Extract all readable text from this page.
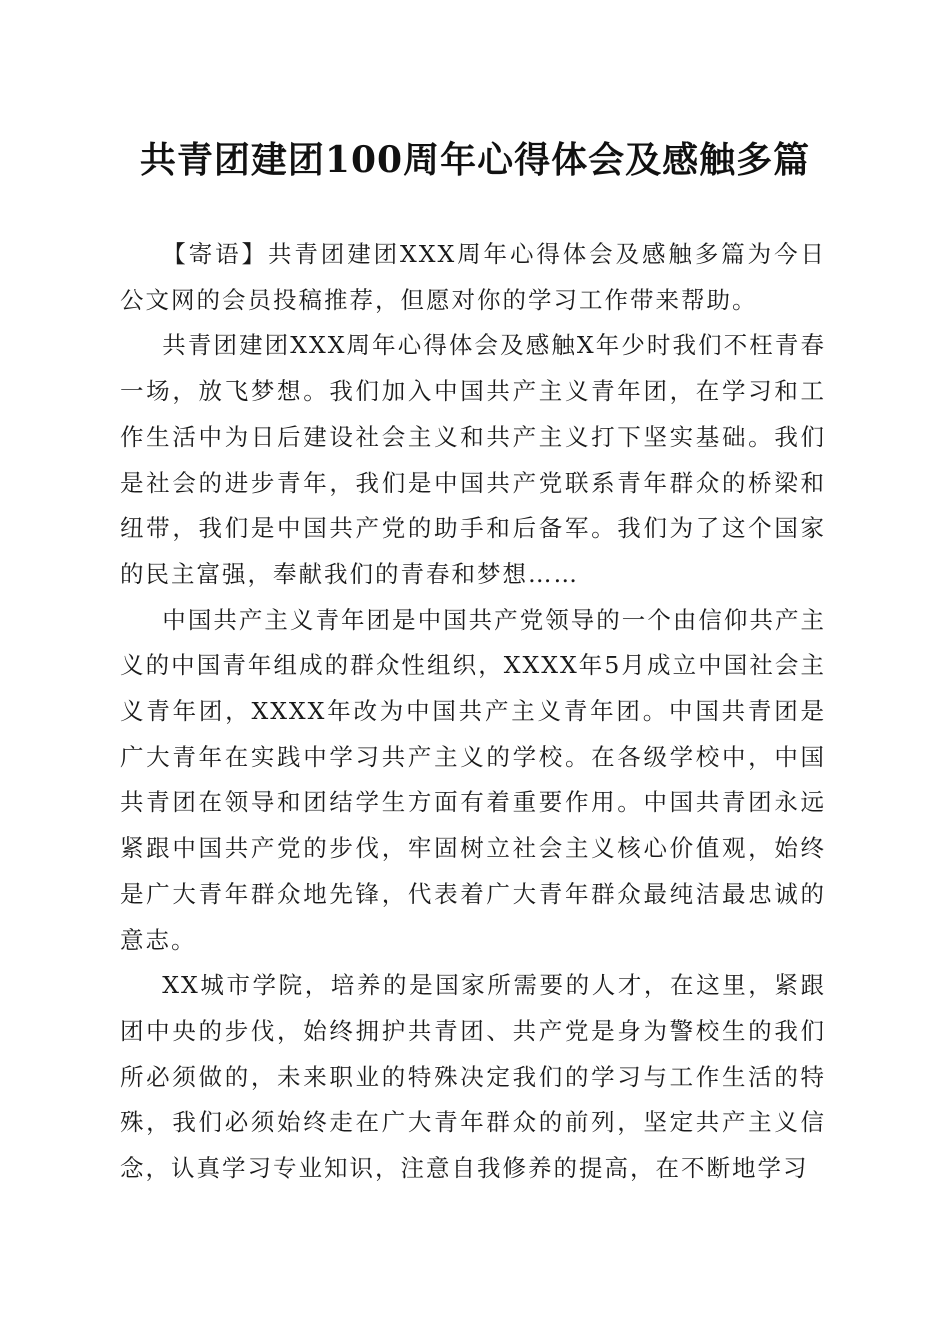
共青团建团100周年心得体会及感触多篇

【寄语】共青团建团XXX周年心得体会及感触多篇为今日公文网的会员投稿推荐，但愿对你的学习工作带来帮助。

共青团建团XXX周年心得体会及感触X年少时我们不枉青春一场，放飞梦想。我们加入中国共产主义青年团，在学习和工作生活中为日后建设社会主义和共产主义打下坚实基础。我们是社会的进步青年，我们是中国共产党联系青年群众的桥梁和纽带，我们是中国共产党的助手和后备军。我们为了这个国家的民主富强，奉献我们的青春和梦想……

中国共产主义青年团是中国共产党领导的一个由信仰共产主义的中国青年组成的群众性组织，XXXX年5月成立中国社会主义青年团，XXXX年改为中国共产主义青年团。中国共青团是广大青年在实践中学习共产主义的学校。在各级学校中，中国共青团在领导和团结学生方面有着重要作用。中国共青团永远紧跟中国共产党的步伐，牢固树立社会主义核心价值观，始终是广大青年群众地先锋，代表着广大青年群众最纯洁最忠诚的意志。

XX城市学院，培养的是国家所需要的人才，在这里，紧跟团中央的步伐，始终拥护共青团、共产党是身为警校生的我们所必须做的，未来职业的特殊决定我们的学习与工作生活的特殊，我们必须始终走在广大青年群众的前列，坚定共产主义信念，认真学习专业知识，注意自我修养的提高，在不断地学习
